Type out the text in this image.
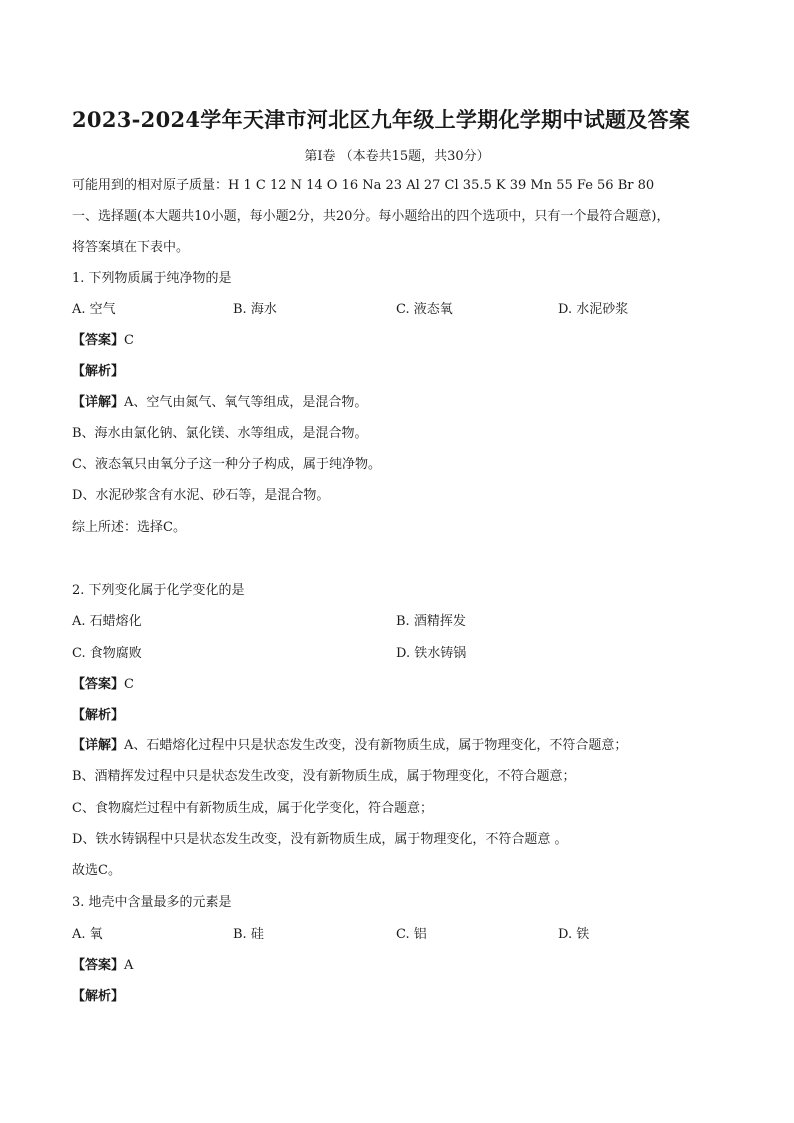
2023-2024学年天津市河北区九年级上学期化学期中试题及答案
第Ⅰ卷 （本卷共15题，共30分）
可能用到的相对原子质量：H 1 C 12 N 14 O 16 Na 23 Al 27 Cl 35.5 K 39 Mn 55 Fe 56 Br 80
一、选择题(本大题共10小题，每小题2分，共20分。每小题给出的四个选项中，只有一个最符合题意)，
将答案填在下表中。
1. 下列物质属于纯净物的是
A. 空气	B. 海水	C. 液态氧	D. 水泥砂浆
【答案】C
【解析】
【详解】A、空气由氮气、氧气等组成，是混合物。
B、海水由氯化钠、氯化镁、水等组成，是混合物。
C、液态氧只由氧分子这一种分子构成，属于纯净物。
D、水泥砂浆含有水泥、砂石等，是混合物。
综上所述：选择C。
2. 下列变化属于化学变化的是
A. 石蜡熔化	B. 酒精挥发
C. 食物腐败	D. 铁水铸锅
【答案】C
【解析】
【详解】A、石蜡熔化过程中只是状态发生改变，没有新物质生成，属于物理变化，不符合题意；
B、酒精挥发过程中只是状态发生改变，没有新物质生成，属于物理变化，不符合题意；
C、食物腐烂过程中有新物质生成，属于化学变化，符合题意；
D、铁水铸锅程中只是状态发生改变，没有新物质生成，属于物理变化，不符合题意 。
故选C。
3. 地壳中含量最多的元素是
A. 氧	B. 硅	C. 铝	D. 铁
【答案】A
【解析】
